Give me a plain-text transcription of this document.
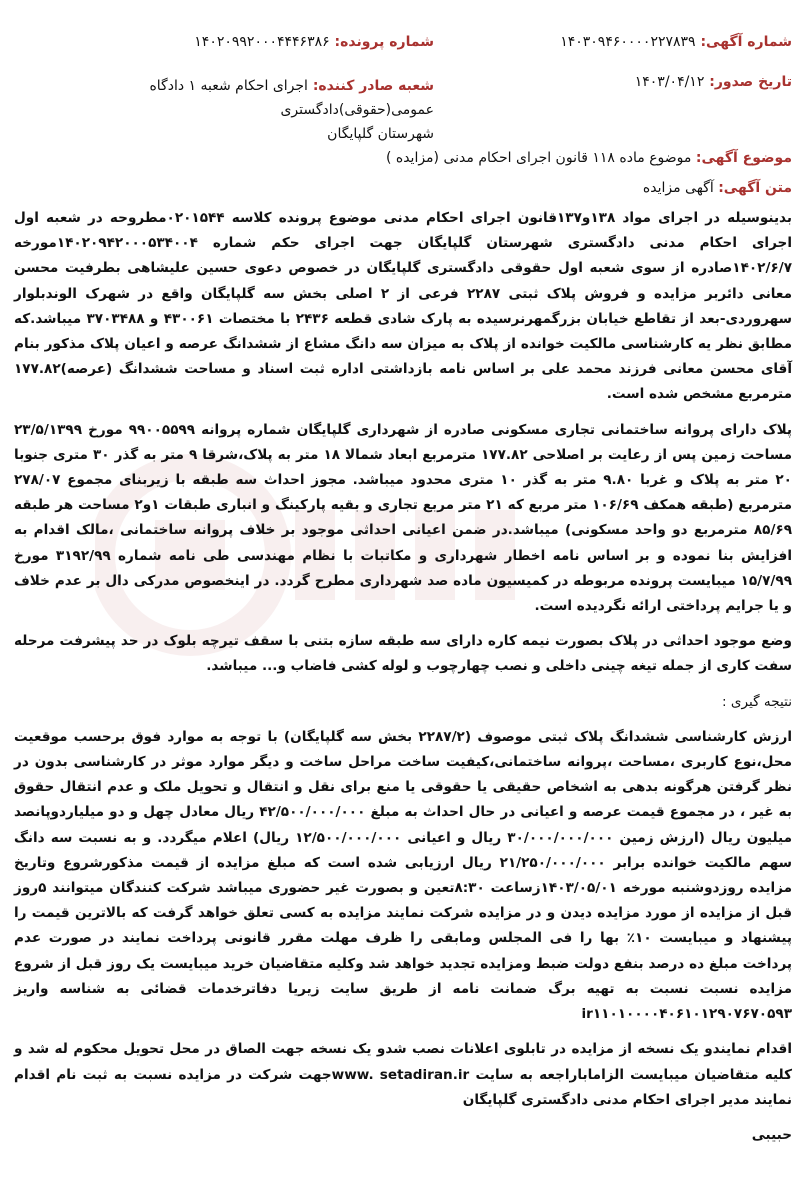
شماره آگهی: ۱۴۰۳۰۹۴۶۰۰۰۰۲۲۷۸۳۹
شماره پرونده: ۱۴۰۲۰۹۹۲۰۰۰۴۴۴۶۳۸۶
تاریخ صدور: ۱۴۰۳/۰۴/۱۲
شعبه صادر کننده: اجرای احکام شعبه ۱ دادگاه عمومی(حقوقی)دادگستری
شهرستان گلپایگان
موضوع آگهی: موضوع ماده ۱۱۸ قانون اجرای احکام مدنی (مزایده )
متن آگهی: آگهی مزایده

بدینوسیله در اجرای مواد ۱۳۸و۱۳۷قانون اجرای احکام مدنی موضوع پرونده کلاسه ۰۲۰۱۵۴۴مطروحه در شعبه اول اجرای احکام مدنی دادگستری شهرستان گلپایگان جهت اجرای حکم شماره ۱۴۰۲۰۹۴۲۰۰۰۵۳۴۰۰۴مورخه ۱۴۰۲/۶/۷صادره از سوی شعبه اول حقوقی دادگستری گلپایگان در خصوص دعوی حسین علیشاهی بطرفیت محسن معانی دائربر مزایده و فروش پلاک ثبتی ۲۲۸۷ فرعی از ۲ اصلی بخش سه گلپایگان واقع در شهرک الوندبلوار سهروردی-بعد از تقاطع خیابان بزرگمهرنرسیده به پارک شادی قطعه ۲۴۳۶ با مختصات ۴۳۰۰۶۱ و ۳۷۰۳۴۸۸ میباشد.که مطابق نظر یه کارشناسی مالکیت خوانده از پلاک به میزان سه دانگ مشاع از ششدانگ عرصه و اعیان پلاک مذکور بنام آقای محسن معانی فرزند محمد علی بر اساس نامه بازداشتی اداره ثبت اسناد و مساحت ششدانگ (عرصه)۱۷۷.۸۲ مترمربع مشخص شده است.

پلاک دارای پروانه ساختمانی تجاری مسکونی صادره از شهرداری گلپایگان شماره پروانه ۹۹۰۰۵۵۹۹ مورخ ۲۳/۵/۱۳۹۹ مساحت زمین پس از رعایت بر اصلاحی ۱۷۷.۸۲ مترمربع ابعاد شمالا ۱۸ متر به پلاک،شرقا ۹ متر به گذر ۳۰ متری جنوبا ۲۰ متر به پلاک و غربا ۹.۸۰ متر به گذر ۱۰ متری محدود میباشد. مجوز احداث سه طبقه با زیربنای مجموع ۲۷۸/۰۷ مترمربع (طبقه همکف ۱۰۶/۶۹ متر مربع که ۲۱ متر مربع تجاری و بقیه پارکینگ و انباری طبقات ۱و۲ مساحت هر طبقه ۸۵/۶۹ مترمربع دو واحد مسکونی) میباشد.در ضمن اعیانی احداثی موجود بر خلاف پروانه ساختمانی ،مالک اقدام به افزایش بنا نموده و بر اساس نامه اخطار شهرداری و مکاتبات با نظام مهندسی طی نامه شماره ۳۱۹۲/۹۹ مورخ ۱۵/۷/۹۹ میبایست پرونده مربوطه در کمیسیون ماده صد شهرداری مطرح گردد. در اینخصوص مدرکی دال بر عدم خلاف و یا جرایم پرداختی ارائه نگردیده است.

وضع موجود احداثی در پلاک بصورت نیمه کاره دارای سه طبقه سازه بتنی با سقف تیرچه بلوک در حد پیشرفت مرحله سفت کاری از جمله تیغه چینی داخلی و نصب چهارچوب و لوله کشی فاضاب و... میباشد.

نتیجه گیری :

ارزش کارشناسی ششدانگ پلاک ثبتی موصوف (۲۲۸۷/۲ بخش سه گلپایگان) با توجه به موارد فوق برحسب موقعیت محل،نوع کاربری ،مساحت ،پروانه ساختمانی،کیفیت ساخت مراحل ساخت و دیگر موارد موثر در کارشناسی بدون در نظر گرفتن هرگونه بدهی به اشخاص حقیقی یا حقوقی یا منع برای نقل و انتقال و تحویل ملک و عدم انتقال حقوق به غیر ، در مجموع قیمت عرصه و اعیانی در حال احداث به مبلغ ۴۲/۵۰۰/۰۰۰/۰۰۰ ریال معادل چهل و دو میلیاردوپانصد میلیون ریال (ارزش زمین ۳۰/۰۰۰/۰۰۰/۰۰۰ ریال و اعیانی ۱۲/۵۰۰/۰۰۰/۰۰۰ ریال) اعلام میگردد. و به نسبت سه دانگ سهم مالکیت خوانده برابر ۲۱/۲۵۰/۰۰۰/۰۰۰ ریال ارزیابی شده است که مبلغ مزایده از قیمت مذکورشروع وتاریخ مزایده روزدوشنبه مورخه ۱۴۰۳/۰۵/۰۱زساعت ۸:۳۰تعین و بصورت غیر حضوری میباشد شرکت کنندگان میتوانند ۵روز قبل از مزایده از مورد مزایده دیدن و در مزایده شرکت نمایند مزایده به کسی تعلق خواهد گرفت که بالاترین قیمت را پیشنهاد و میبایست ۱۰٪ بها را فی المجلس ومابقی را ظرف مهلت مقرر قانونی پرداخت نمایند در صورت عدم پرداخت مبلغ ده درصد بنفع دولت ضبط ومزایده تجدید خواهد شد وکلیه متقاضیان خرید میبایست یک روز قبل از شروع مزایده نسبت نسبت به تهیه برگ ضمانت نامه از طریق سایت زیریا دفاترخدمات قضائی به شناسه واریز ir۱۱۰۱۰۰۰۰۴۰۶۱۰۱۲۹۰۷۶۷۰۵۹۳

اقدام نمایندو یک نسخه از مزایده در تابلوی اعلانات نصب شدو یک نسخه جهت الصاق در محل تحویل محکوم له شد و کلیه متقاضیان میبایست الزاماباراجعه به سایت www. setadiran.irجهت شرکت در مزایده نسبت به ثبت نام اقدام نمایند مدیر اجرای احکام مدنی دادگستری گلپایگان

حبیبی
